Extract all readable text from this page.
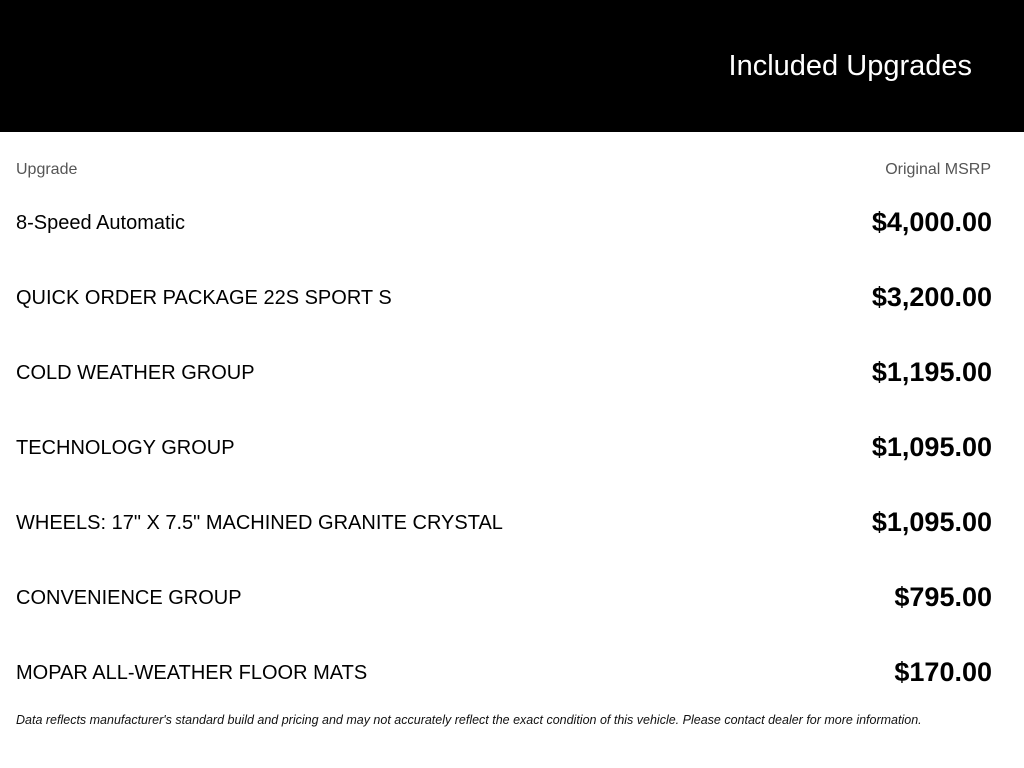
Included Upgrades
Upgrade	Original MSRP
8-Speed Automatic	$4,000.00
QUICK ORDER PACKAGE 22S SPORT S	$3,200.00
COLD WEATHER GROUP	$1,195.00
TECHNOLOGY GROUP	$1,095.00
WHEELS: 17" X 7.5" MACHINED GRANITE CRYSTAL	$1,095.00
CONVENIENCE GROUP	$795.00
MOPAR ALL-WEATHER FLOOR MATS	$170.00
Data reflects manufacturer's standard build and pricing and may not accurately reflect the exact condition of this vehicle. Please contact dealer for more information.
